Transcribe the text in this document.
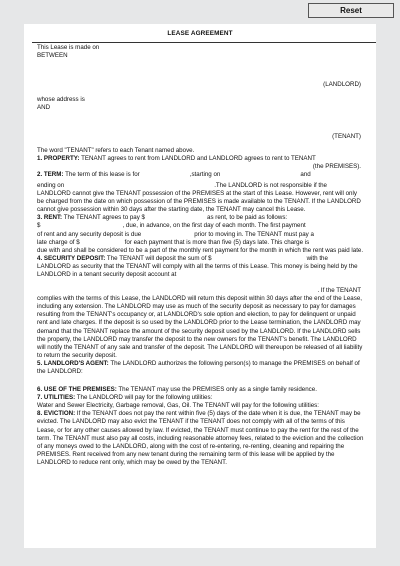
Reset
LEASE AGREEMENT

This Lease is made on

BETWEEN

(LANDLORD)

whose address is

AND

(TENANT)

The word "TENANT" refers to each Tenant named above.

1. PROPERTY: TENANT agrees to rent from LANDLORD and LANDLORD agrees to rent to TENANT

(the PREMISES).

2. TERM: The term of this lease is for	,starting on	and

ending on	.The LANDLORD is not responsible if the

LANDLORD cannot give the TENANT possession of the PREMISES at the start of this Lease. However, rent will only be charged from the date on which possession of the PREMISES is made available to the TENANT. If the LANDLORD cannot give possession within 30 days after the starting date, the TENANT may cancel this Lease.

3. RENT: The TENANT agrees to pay $	as rent, to be paid as follows:

$	, due, in advance, on the first day of each month. The first payment

of rent and any security deposit is due	prior to moving in. The TENANT must pay a

late charge of $	for each payment that is more than five (5) days late. This charge is

due with and shall be considered to be a part of the monthly rent payment for the month in which the rent was paid late.

4. SECURITY DEPOSIT: The TENANT will deposit the sum of $	with the

LANDLORD as security that the TENANT will comply with all the terms of this Lease. This money is being held by the LANDLORD in a tenant security deposit account at

. If the TENANT

complies with the terms of this Lease, the LANDLORD will return this deposit within 30 days after the end of the Lease, including any extension. The LANDLORD may use as much of the security deposit as necessary to pay for damages resulting from the TENANT's occupancy or, at LANDLORD's sole option and election, to pay for delinquent or unpaid rent and late charges. If the deposit is so used by the LANDLORD prior to the Lease termination, the LANDLORD may demand that the TENANT replace the amount of the security deposit used by the LANDLORD. If the LANDLORD sells the property, the LANDLORD may transfer the deposit to the new owners for the TENANT's benefit. The LANDLORD will notify the TENANT of any sale and transfer of the deposit. The LANDLORD will thereupon be released of all liability to return the security deposit.

5. LANDLORD'S AGENT: The LANDLORD authorizes the following person(s) to manage the PREMISES on behalf of the LANDLORD:

6. USE OF THE PREMISES: The TENANT may use the PREMISES only as a single family residence.

7. UTILITIES: The LANDLORD will pay for the following utilities:

Water and Sewer Electricity, Garbage removal, Gas, Oil. The TENANT will pay for the following utilities:

8. EVICTION: If the TENANT does not pay the rent within five (5) days of the date when it is due, the TENANT may be evicted. The LANDLORD may also evict the TENANT if the TENANT does not comply with all of the terms of this Lease, or for any other causes allowed by law. If evicted, the TENANT must continue to pay the rent for the rest of the term. The TENANT must also pay all costs, including reasonable attorney fees, related to the eviction and the collection of any moneys owed to the LANDLORD, along with the cost of re-entering, re-renting, cleaning and repairing the PREMISES. Rent received from any new tenant during the remaining term of this lease will be applied by the LANDLORD to reduce rent only, which may be owed by the TENANT.
